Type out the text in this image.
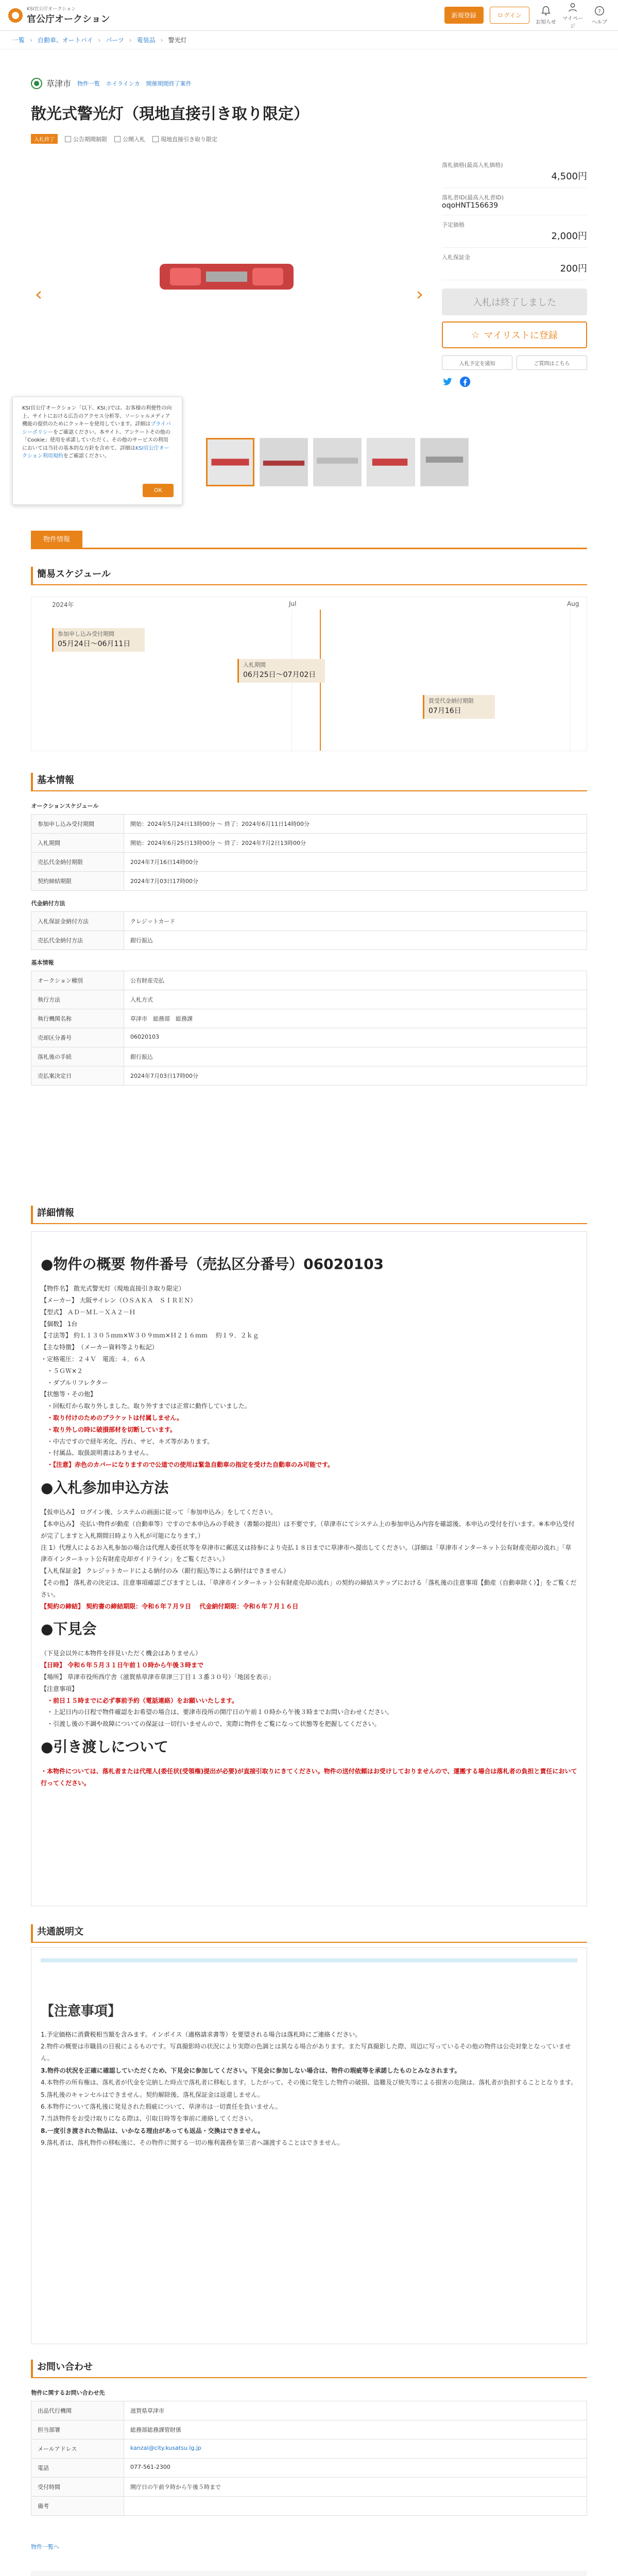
KSI官公庁オークション
官公庁オークション	新規登録	ログイン
お知らせ
マイページ
?
ヘルプ
一覧 › 自動車、オートバイ › パーツ › 電装品 › 警光灯
草津市 物件一覧 ホイラインカ 開催期間終了案件
散光式警光灯（現地直接引き取り限定）
入札終了	公告期間制限	公開入札	現地直接引き取り限定
‹	›
KSI官公庁オークション「以下、KSI」)では、お客様の利便性の向上、サイトにおける広告のアクセス分析等、ソーシャルメディア機能の提供のためにクッキーを使用しています。詳細はプライバシーポリシーをご確認ください。本サイト、アンケートその他の「Cookie」使用を承諾していただく。その他のサービスの利用においては当社の基本的な方針を含めて、詳細はKSI官公庁オークション利用規約をご確認ください。
OK
落札価格(最高入札価格)
4,500円
落札者ID(最高入札者ID)
oqoHNT156639
予定価格
2,000円
入札保証金
200円
入札は終了しました
☆ マイリストに登録
入札予定を通知	ご質問はこちら
物件情報
簡易スケジュール
2024年	Jul	Aug
参加申し込み受付期間
05月24日～06月11日
入札期間
06月25日～07月02日
買受代金納付期限
07月16日
基本情報
オークションスケジュール	
参加申し込み受付期間	開始：2024年5月24日13時00分 ～ 終了：2024年6月11日14時00分
入札期間	開始：2024年6月25日13時00分 ～ 終了：2024年7月2日13時00分
売払代金納付期限	2024年7月16日14時00分
契約締結期限	2024年7月03日17時00分
代金納付方法	
入札保証金納付方法	クレジットカード
売払代金納付方法	銀行振込
基本情報	
オークション種別	公有財産売払
執行方法	入札方式
執行機関名称	草津市　総務部　総務課
売却区分番号	06020103
落札後の手続	銀行振込
売払案決定日	2024年7月03日17時00分
詳細情報
●物件の概要 物件番号（売払区分番号）06020103
【物件名】 散光式警光灯（現地直接引き取り限定）
【メーカー】 大阪サイレン（ＯＳＡＫＡ　ＳＩＲＥＮ）
【型式】 ＡＤ－ＭＬ－ＸＡ２－Ｈ
【個数】 1台
【寸法等】 約Ｌ１３０５ｍｍ×Ｗ３０９ｍｍ×Ｈ２１６ｍｍ　 約１９．２ｋｇ
【主な特徴】　（メーカー資料等より転記）
・定格電圧：２４Ｖ　電流：４．６Ａ
　・５ＧＷ×２
　・ダブルリフレクター
【状態等・その他】
　・回転灯から取り外しました。取り外すまでは正常に動作していました。
　・取り付けのためのブラケットは付属しません。
　・取り外しの時に破損部材を切断しています。
　・中古ですので経年劣化、汚れ、サビ、キズ等があります。
　・付属品、取扱説明書はありません。
　・【注意】赤色のカバーになりますので公道での使用は緊急自動車の指定を受けた自動車のみ可能です。
●入札参加申込方法
【仮申込み】 ログイン後、システムの画面に従って「参加申込み」をしてください。
【本申込み】 売払い物件が動産（自動車等）ですので本申込みの手続き（書類の提出）は不要です。（草津市にてシステム上の参加申込み内容を確認後、本申込の受付を行います。※本申込受付が完了しますと入札期間日時より入札が可能になります。）
注 1）代理人によるお入札参加の場合は代理人委任状等を草津市に郵送又は持参により売払１８日までに草津市へ提出してください。（詳細は「草津市インターネット公有財産売却の流れ」「草津市インターネット公有財産売却ガイドライン」をご覧ください。）
【入札保証金】 クレジットカードによる納付のみ（銀行振込等による納付はできません）
【その他】 落札者の決定は、注意事項確認ごびますとしは、「草津市インターネット公有財産売却の流れ」の契約の締結ステップにおける「落札後の注意事項【動産（自動車除く）】」をご覧ください。
【契約の締結】 契約書の締結期限：令和６年７月９日　 代金納付期限：令和６年７月１６日
●下見会
（下見会以外に本物件を拝見いただく機会はありません）
【日時】 令和６年５月３１日午前１０時から午後３時まで
【場所】 草津市役所西庁舎（滋賀県草津市草津三丁目１３番３０号）「地図を表示」
【注意事項】
　・前日１５時までに必ず事前予約（電話連絡）をお願いいたします。
　・上記日内の日程で物件確認をお希望の場合は、要津市役所の開庁日の午前１０時から午後３時までお問い合わせください。
　・引渡し後の不調や故障についての保証は一切行いませんので、実際に物件をご覧になって状態等を把握してください。
●引き渡しについて
・本物件については、落札者または代理人(委任状(受領権)提出が必要)が直接引取りにきてください。物件の送付依頼はお受けしておりませんので、運搬する場合は落札者の負担と責任において行ってください。
共通説明文
【注意事項】
1.予定価格に消費税相当額を含みます。インボイス（適格請求書等）を要望される場合は落札時にご連絡ください。
2.物件の概要は市職員の目視によるものです。写真撮影時の状況により実際の色調とは異なる場合があります。また写真撮影した際、周辺に写っているその他の物件は公売対象となっていません。
3.物件の状況を正確に確認していただくため、下見会に参加してください。下見会に参加しない場合は、物件の瑕疵等を承諾したものとみなされます。
4.本物件の所有権は、落札者が代金を完納した時点で落札者に移転します。したがって、その後に発生した物件の破損、盗難及び焼失等による損害の危険は、落札者が負担することとなります。
5.落札後のキャンセルはできません。契約解除後、落札保証金は返還しません。
6.本物件について落札後に発見された瑕疵について、草津市は一切責任を負いません。
7.当該物件をお受け取りになる際は、引取日時等を事前に連絡してください。
8.一度引き渡された物品は、いかなる理由があっても返品・交換はできません。
9.落札者は、落札物件の移転後に、その物件に関する一切の権利義務を第三者へ譲渡することはできません。
お問い合わせ
物件に関するお問い合わせ先	
出品代行機関	滋賀県草津市
担当部署	総務部総務課管財係
メールアドレス	kanzai@city.kusatsu.lg.jp
電話	077-561-2300
受付時間	開庁日の午前９時から午後５時まで
備考	
物件一覧へ
